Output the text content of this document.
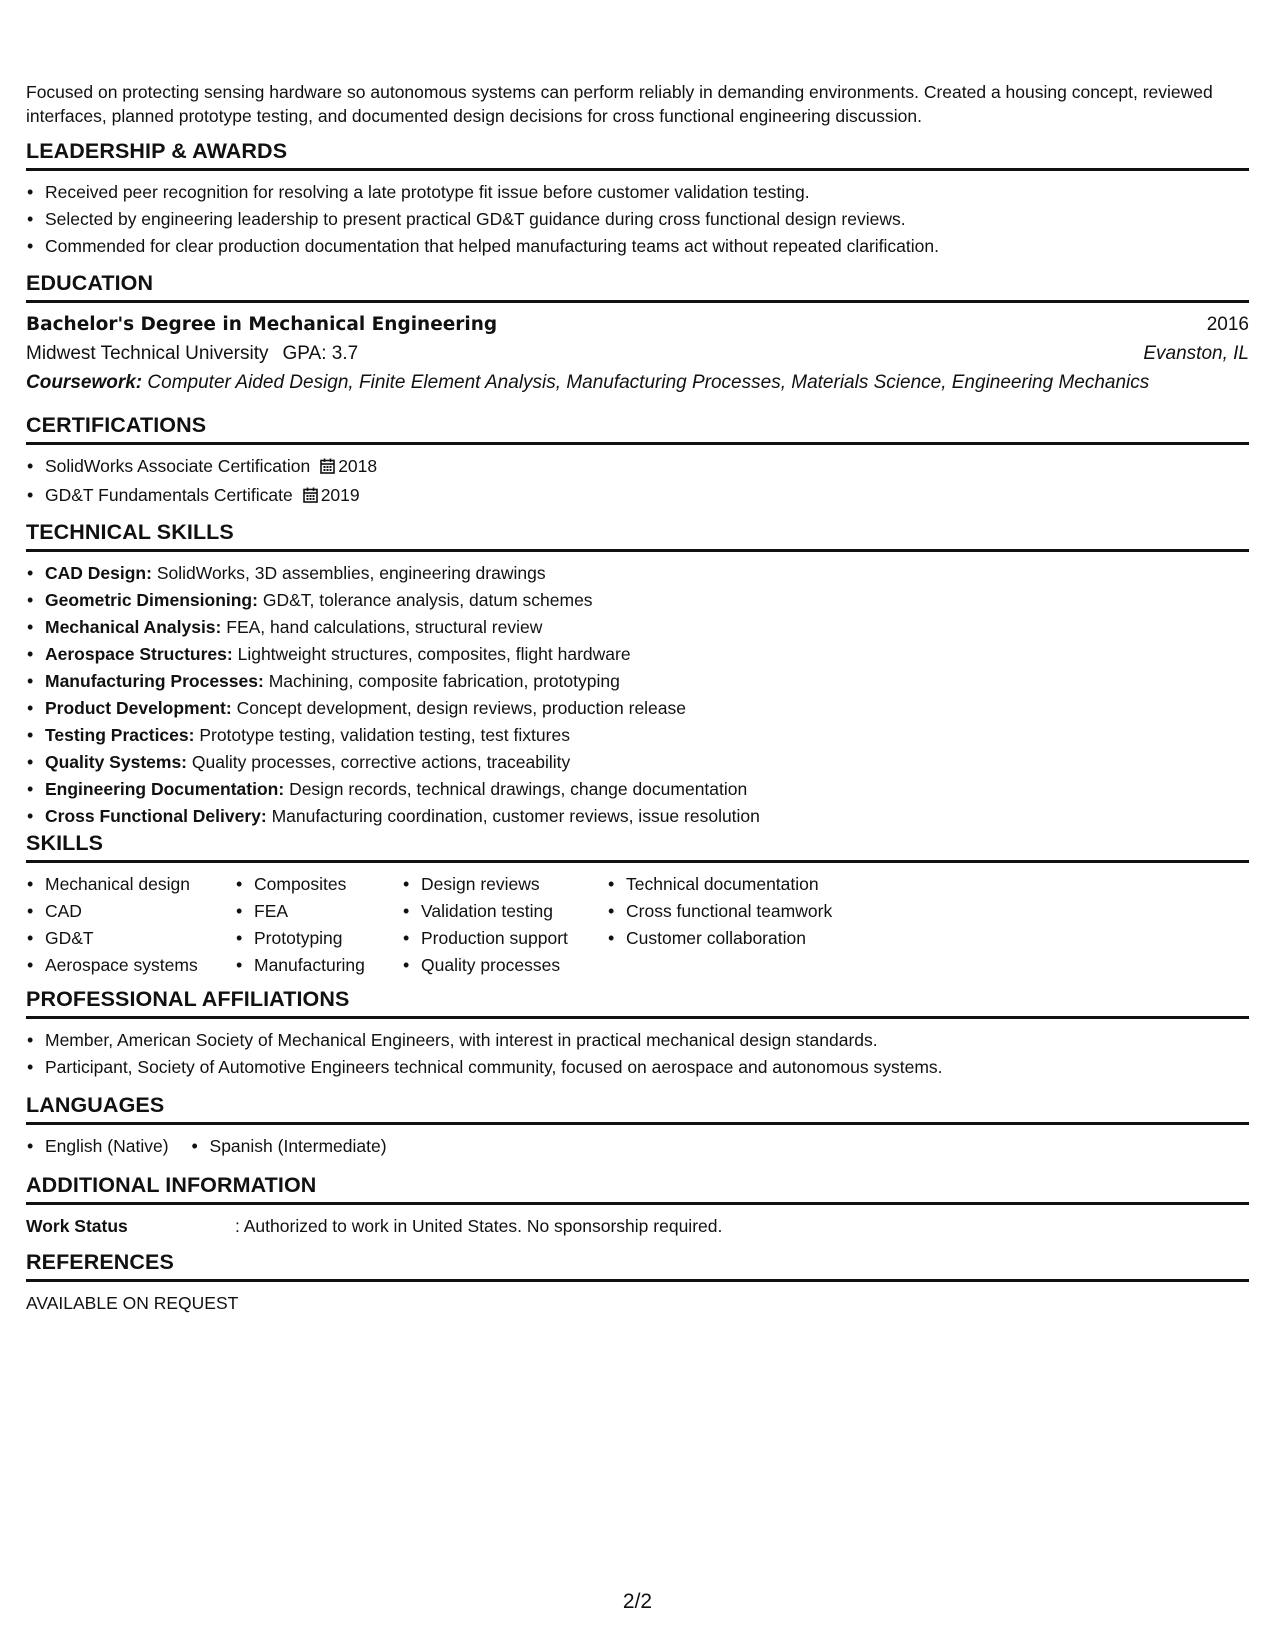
Focused on protecting sensing hardware so autonomous systems can perform reliably in demanding environments. Created a housing concept, reviewed interfaces, planned prototype testing, and documented design decisions for cross functional engineering discussion.

LEADERSHIP & AWARDS
• Received peer recognition for resolving a late prototype fit issue before customer validation testing.
• Selected by engineering leadership to present practical GD&T guidance during cross functional design reviews.
• Commended for clear production documentation that helped manufacturing teams act without repeated clarification.
EDUCATION
Bachelor's Degree in Mechanical Engineering	2016
Midwest Technical University GPA: 3.7	Evanston, IL
Coursework: Computer Aided Design, Finite Element Analysis, Manufacturing Processes, Materials Science, Engineering Mechanics
CERTIFICATIONS
• SolidWorks Associate Certification 2018
• GD&T Fundamentals Certificate 2019
TECHNICAL SKILLS
• CAD Design: SolidWorks, 3D assemblies, engineering drawings
• Geometric Dimensioning: GD&T, tolerance analysis, datum schemes
• Mechanical Analysis: FEA, hand calculations, structural review
• Aerospace Structures: Lightweight structures, composites, flight hardware
• Manufacturing Processes: Machining, composite fabrication, prototyping
• Product Development: Concept development, design reviews, production release
• Testing Practices: Prototype testing, validation testing, test fixtures
• Quality Systems: Quality processes, corrective actions, traceability
• Engineering Documentation: Design records, technical drawings, change documentation
• Cross Functional Delivery: Manufacturing coordination, customer reviews, issue resolution
SKILLS
• Mechanical design
• CAD
• GD&T
• Aerospace systems
• Composites
• FEA
• Prototyping
• Manufacturing
• Design reviews
• Validation testing
• Production support
• Quality processes
• Technical documentation
• Cross functional teamwork
• Customer collaboration
PROFESSIONAL AFFILIATIONS
• Member, American Society of Mechanical Engineers, with interest in practical mechanical design standards.
• Participant, Society of Automotive Engineers technical community, focused on aerospace and autonomous systems.
LANGUAGES
• English (Native)
•	Spanish (Intermediate)
ADDITIONAL INFORMATION
Work Status	: Authorized to work in United States. No sponsorship required.
REFERENCES

AVAILABLE ON REQUEST

2/2
